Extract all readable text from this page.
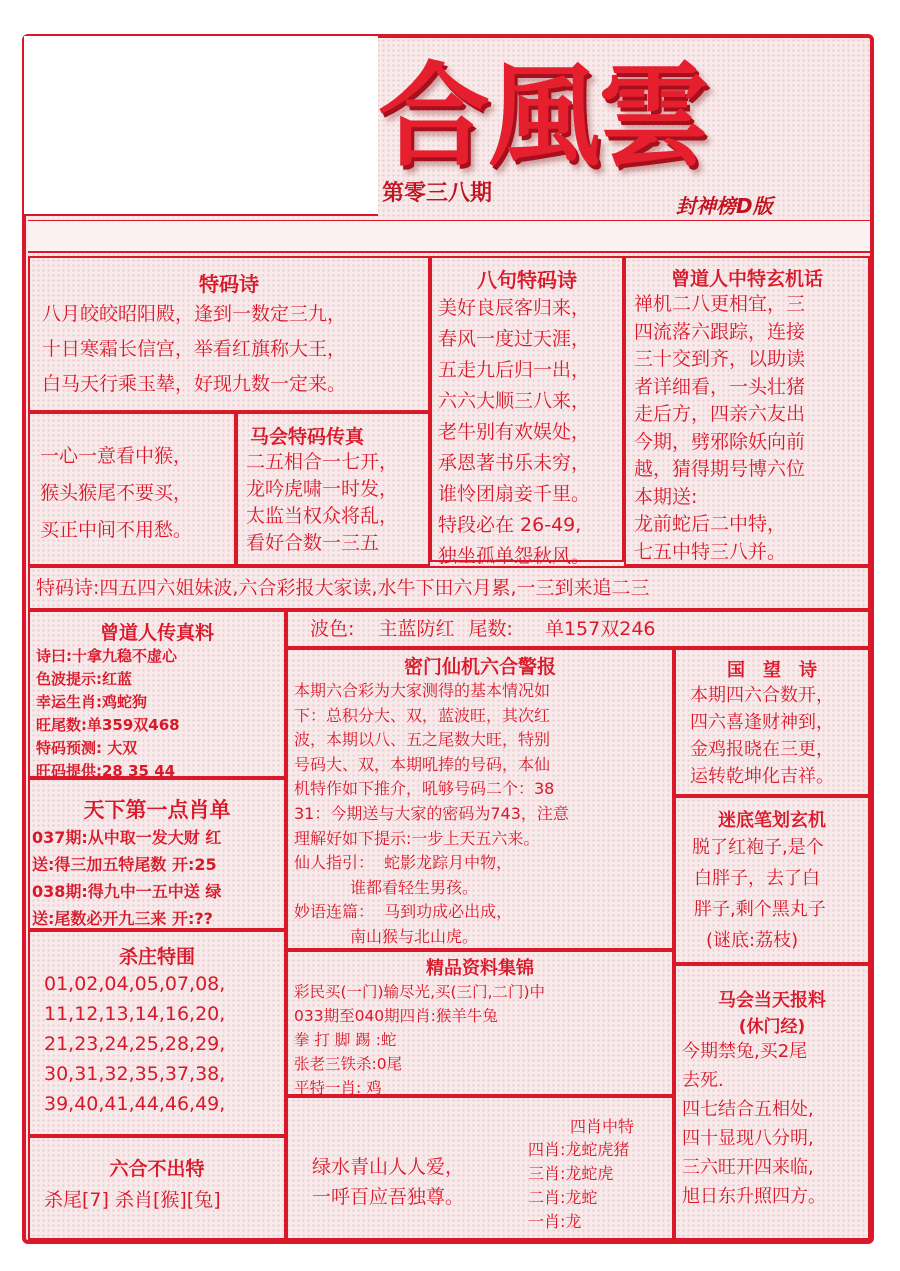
合風雲
第零三八期	封神榜D版
特码诗
八月皎皎昭阳殿，逢到一数定三九，
十日寒霜长信宫，举看红旗称大王，
白马天行乘玉辇，好现九数一定来。
八句特码诗
美好良辰客归来，
春风一度过天涯，
五走九后归一出，
六六大顺三八来，
老牛别有欢娱处，
承恩著书乐未穷，
谁怜团扇妾千里。
特段必在 26-49,
独坐孤单怨秋风。
曾道人中特玄机话
禅机二八更相宜，三
四流落六跟踪，连接
三十交到齐，以助读
者详细看，一头壮猪
走后方，四亲六友出
今期，劈邪除妖向前
越，猜得期号博六位
本期送:
龙前蛇后二中特，
七五中特三八并。
一心一意看中猴，
猴头猴尾不要买，
买正中间不用愁。
马会特码传真
二五相合一七开，
龙吟虎啸一时发，
太监当权众将乱，
看好合数一三五
特码诗:四五四六姐妹波,六合彩报大家读,水牛下田六月累,一三到来追二三
曾道人传真料
诗曰:十拿九稳不虚心
色波提示:红蓝
幸运生肖:鸡蛇狗
旺尾数:单359双468
特码预测: 大双
旺码提供:28 35 44
天下第一点肖单
037期:从中取一发大财 红
送:得三加五特尾数 开:25
038期:得九中一五中送 绿
送:尾数必开九三来 开:??
杀庄特围
01,02,04,05,07,08,
11,12,13,14,16,20,
21,23,24,25,28,29,
30,31,32,35,37,38,
39,40,41,44,46,49,
六合不出特
杀尾[7] 杀肖[猴][兔]
波色: 主蓝防红 尾数: 单157双246
密门仙机六合警报
本期六合彩为大家测得的基本情况如
下：总积分大、双，蓝波旺，其次红
波，本期以八、五之尾数大旺，特别
号码大、双，本期吼捧的号码，本仙
机特作如下推介，吼够号码二个：38
31：今期送与大家的密码为743，注意
理解好如下提示:一步上天五六来。
仙人指引：  蛇影龙踪月中物，
谁都看轻生男孩。
妙语连篇：  马到功成必出成，
南山猴与北山虎。
精品资料集锦
彩民买(一门)输尽光,买(三门,二门)中
033期至040期四肖:猴羊牛兔
拳 打 脚 踢 :蛇
张老三铁杀:0尾
平特一肖: 鸡
绿水青山人人爱，
一呼百应吾独尊。
四肖中特
四肖:龙蛇虎猪
三肖:龙蛇虎
二肖:龙蛇
一肖:龙
国　望　诗
本期四六合数开，
四六喜逢财神到，
金鸡报晓在三更，
运转乾坤化吉祥。
迷底笔划玄机
脱了红袍子,是个
白胖子，去了白
胖子,剩个黑丸子
(谜底:荔枝)
马会当天报料
(休门经)
今期禁兔,买2尾
去死.
四七结合五相处,
四十显现八分明,
三六旺开四来临,
旭日东升照四方。
